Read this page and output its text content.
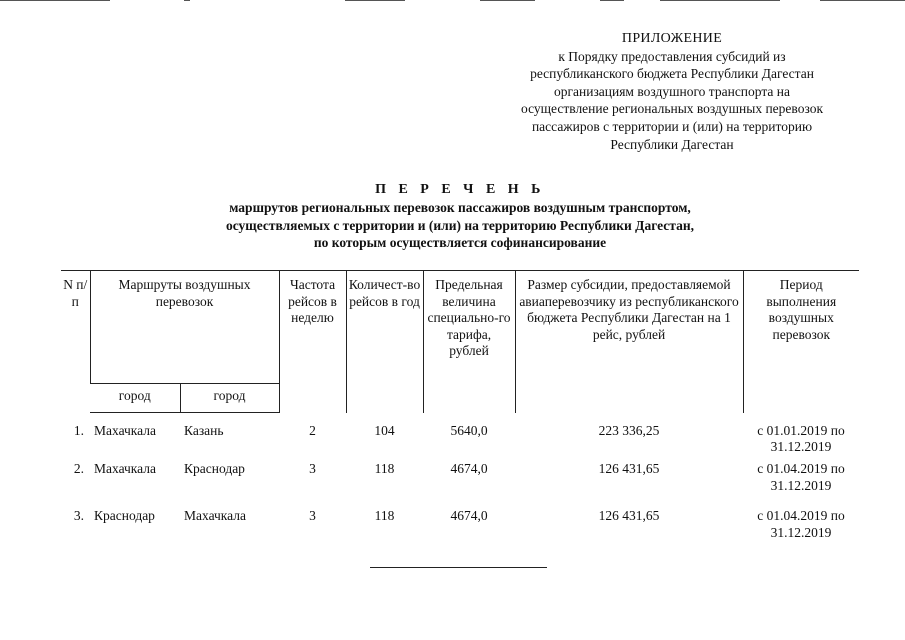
ПРИЛОЖЕНИЕ
к Порядку предоставления субсидий из
республиканского бюджета Республики Дагестан
организациям воздушного транспорта на
осуществление региональных воздушных перевозок
пассажиров с территории и (или) на территорию
Республики Дагестан
П Е Р Е Ч Е Н Ь
маршрутов региональных перевозок пассажиров воздушным транспортом,
осуществляемых с территории и (или) на территорию Республики Дагестан,
по которым осуществляется софинансирование
N п/п	Маршруты воздушных перевозок		Частота рейсов в неделю	Количест-во рейсов в год	Предельная величина специально-го тарифа, рублей	Размер субсидии, предоставляемой авиаперевозчику из республиканского бюджета Республики Дагестан на 1 рейс, рублей	Период выполнения воздушных перевозок
	город	город					
1.	Махачкала	Казань	2	104	5640,0	223 336,25	с 01.01.2019 по 31.12.2019
2.	Махачкала	Краснодар	3	118	4674,0	126 431,65	с 01.04.2019 по 31.12.2019
3.	Краснодар	Махачкала	3	118	4674,0	126 431,65	с 01.04.2019 по 31.12.2019
